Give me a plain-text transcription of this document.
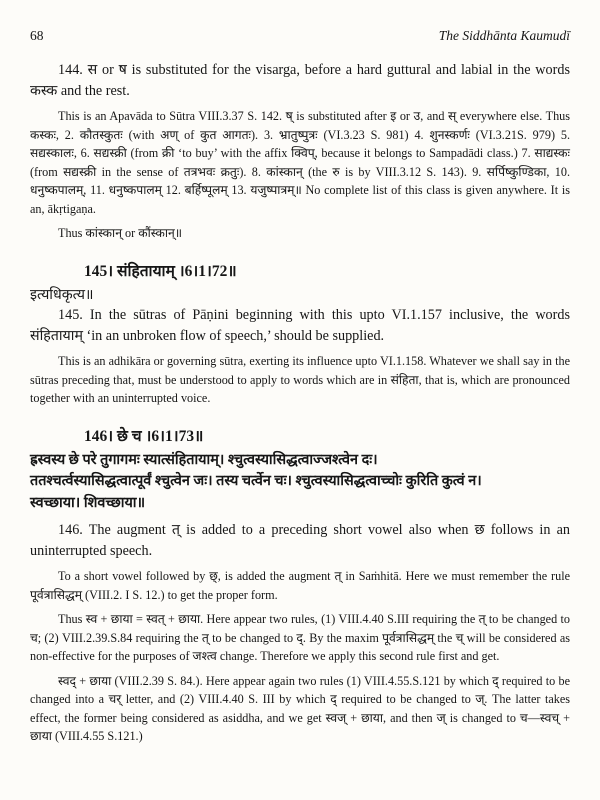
68	The Siddhānta Kaumudī

144. स or ष is substituted for the visarga, before a hard guttural and labial in the words कस्क and the rest.

This is an Apavāda to Sūtra VIII.3.37 S. 142. ष् is substituted after इ or उ, and स् everywhere else. Thus कस्कः, 2. कौतस्कुतः (with अण् of कुत आगतः). 3. भ्रातुष्पुत्रः (VI.3.23 S. 981) 4. शुनस्कर्णः (VI.3.21S. 979) 5. सद्यस्कालः, 6. सद्यस्क्री (from क्री ‘to buy’ with the affix क्विप्, because it belongs to Sampadādi class.) 7. साद्यस्कः (from सद्यस्क्री in the sense of तत्रभवः क्रतुः). 8. कांस्कान् (the रु is by VIII.3.12 S. 143). 9. सर्पिष्कुण्डिका, 10. धनुष्कपालम्, 11. धनुष्कपालम् 12. बर्हिष्पूलम् 13. यजुष्पात्रम्॥ No complete list of this class is given anywhere. It is an, ākṛtigaṇa.

Thus कांस्कान् or कौंस्कान्॥

145। संहितायाम् ।6।1।72॥

इत्यधिकृत्य॥

145. In the sūtras of Pāṇini beginning with this upto VI.1.157 inclusive, the words संहितायाम् ‘in an unbroken flow of speech,’ should be supplied.

This is an adhikāra or governing sūtra, exerting its influence upto VI.1.158. Whatever we shall say in the sūtras preceding that, must be understood to apply to words which are in संहिता, that is, which are pronounced together with an uninterrupted voice.

146। छे च ।6।1।73॥

ह्रस्वस्य छे परे तुगागमः स्यात्संहितायाम्। श्चुत्वस्यासिद्धत्वाज्जश्त्वेन दः।

ततश्चर्त्वस्यासिद्धत्वात्पूर्वं श्चुत्वेन जः। तस्य चर्त्वेन चः। श्चुत्वस्यासिद्धत्वाच्चोः कुरिति कुत्वं न।

स्वच्छाया। शिवच्छाया॥

146. The augment त् is added to a preceding short vowel also when छ follows in an uninterrupted speech.

To a short vowel followed by छ्, is added the augment त् in Saṁhitā. Here we must remember the rule पूर्वत्रासिद्धम् (VIII.2. I S. 12.) to get the proper form.

Thus स्व + छाया = स्वत् + छाया. Here appear two rules, (1) VIII.4.40 S.III requiring the त् to be changed to च; (2) VIII.2.39.S.84 requiring the त् to be changed to द्. By the maxim पूर्वत्रासिद्धम् the च् will be considered as non-effective for the purposes of जश्त्व change. Therefore we apply this second rule first and get.

स्वद् + छाया (VIII.2.39 S. 84.). Here appear again two rules (1) VIII.4.55.S.121 by which द् required to be changed into a चर् letter, and (2) VIII.4.40 S. III by which द् required to be changed to ज्. The latter takes effect, the former being considered as asiddha, and we get स्वज् + छाया, and then ज् is changed to च—स्वच् + छाया (VIII.4.55 S.121.)
